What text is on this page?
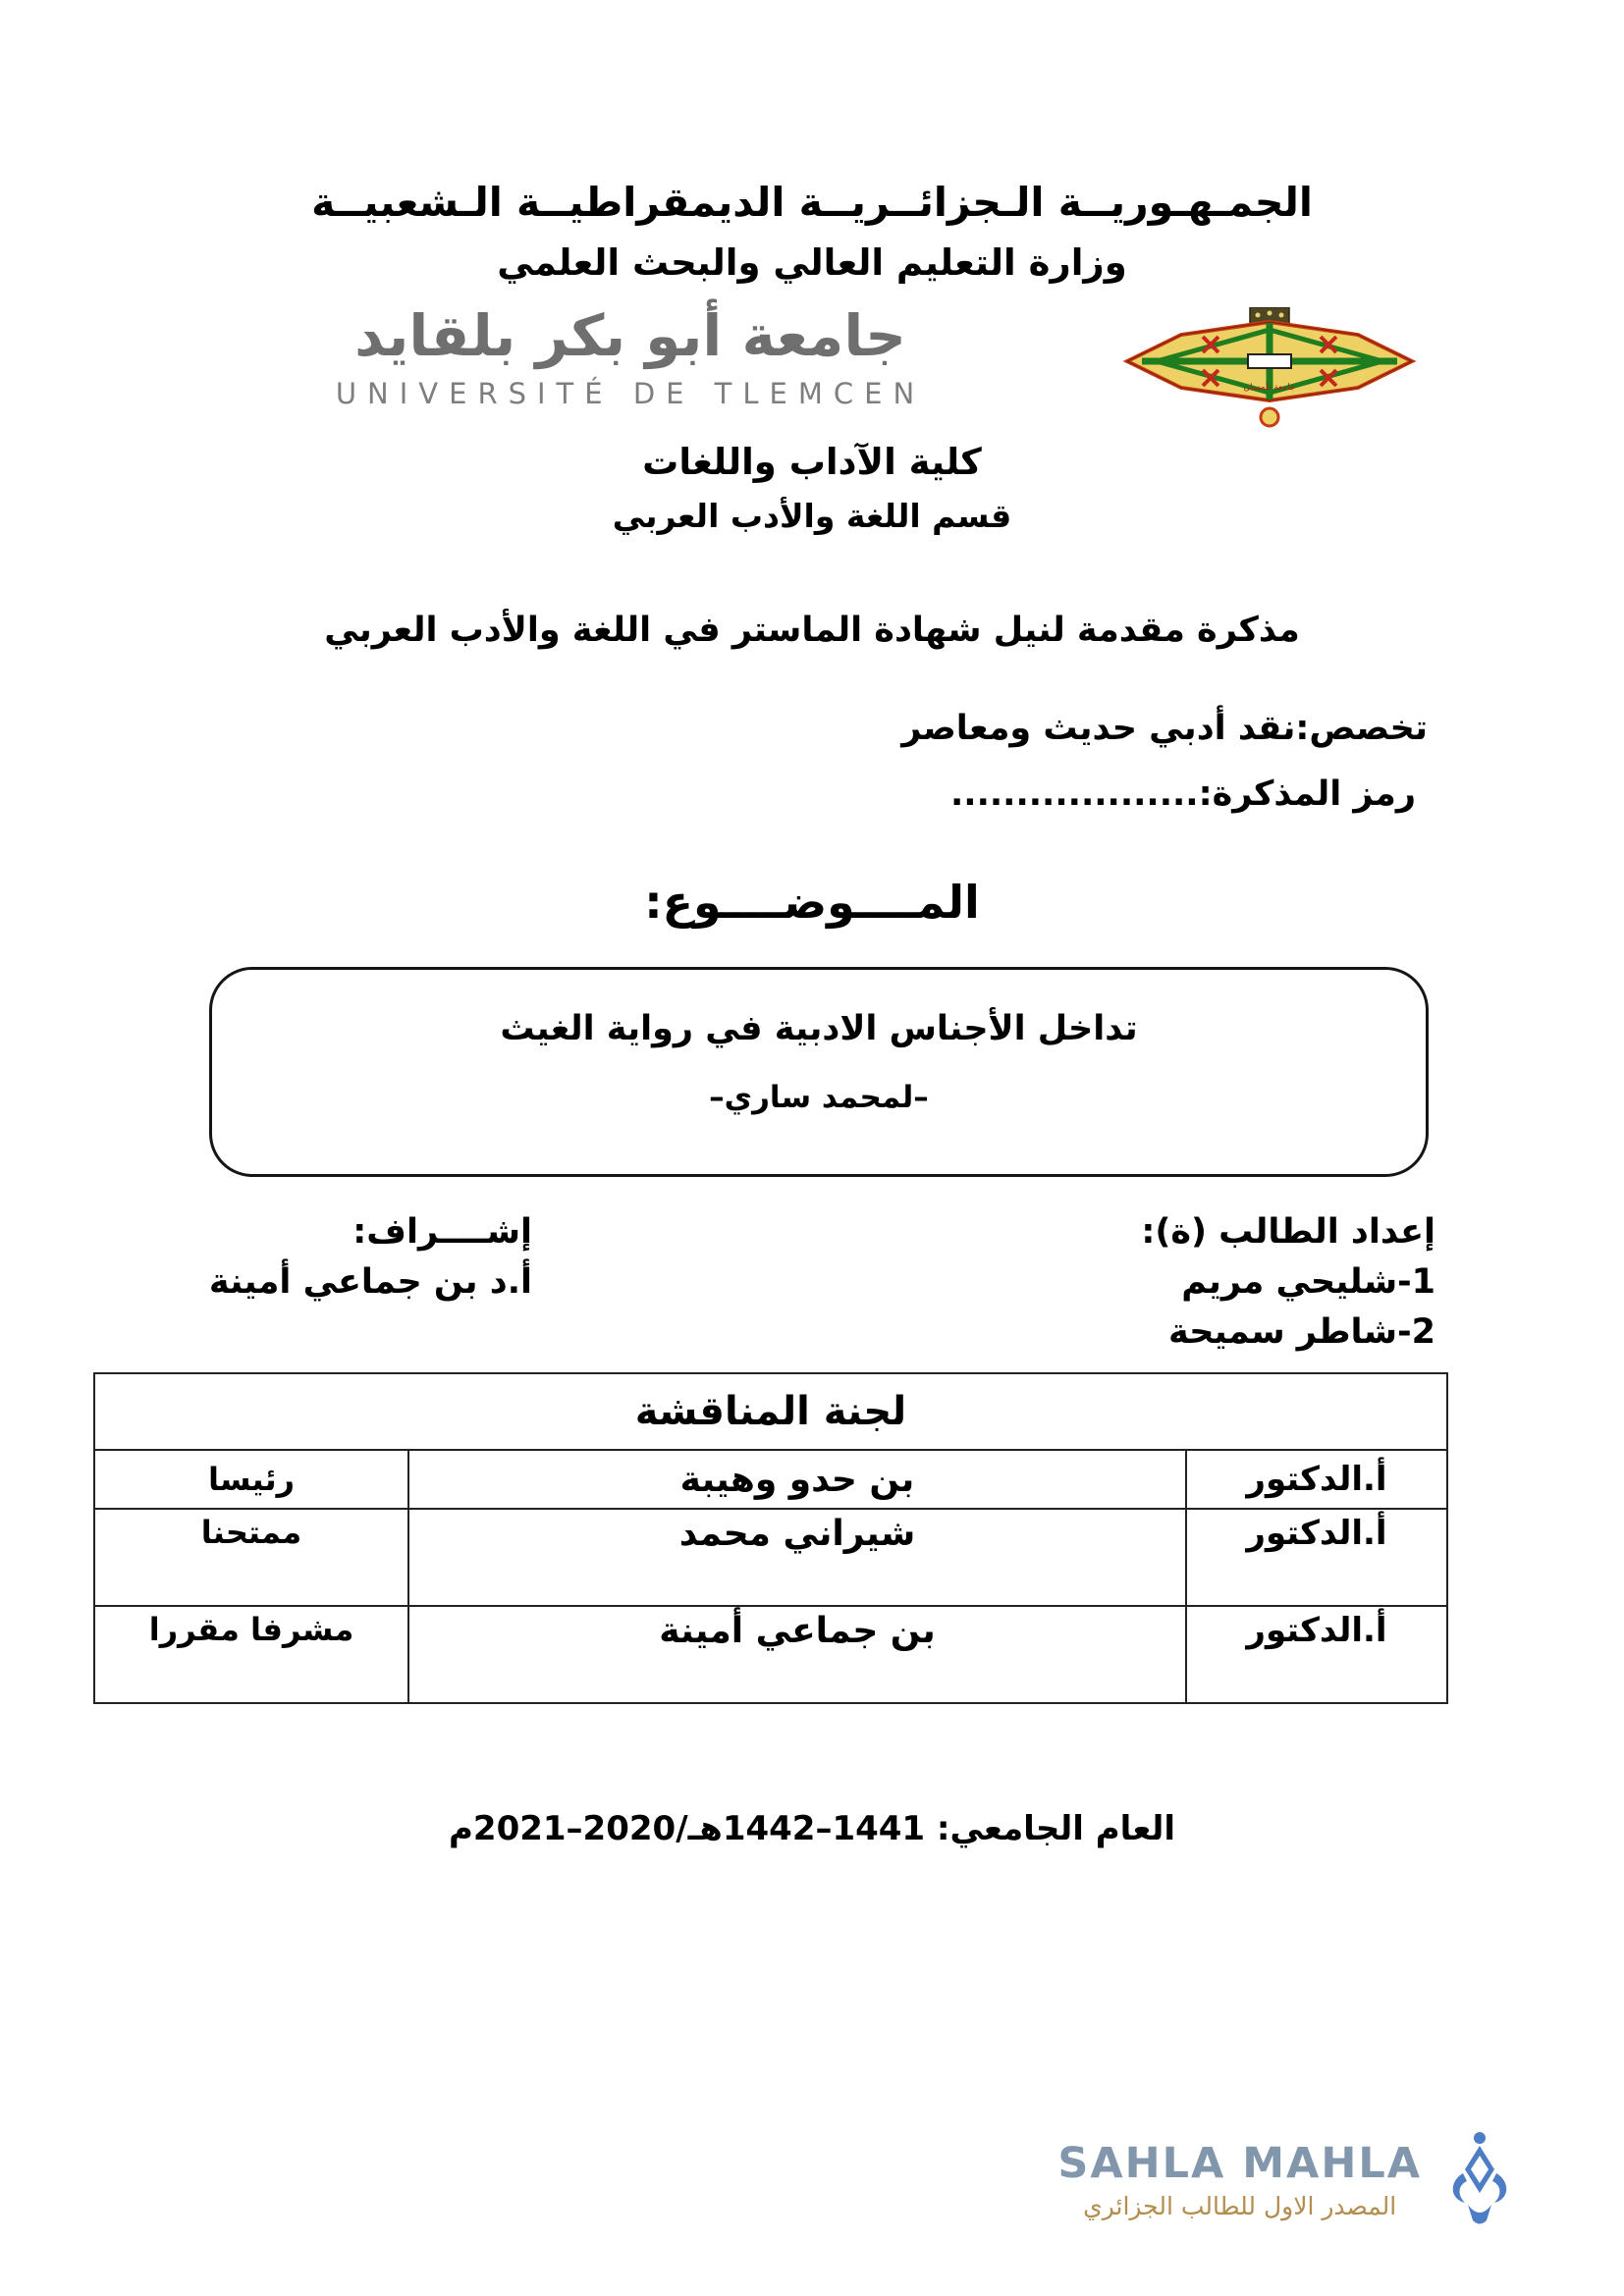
الجمـهـوريــة الـجزائــريــة الديمقراطيــة الـشعبيــة
وزارة التعليم العالي والبحث العلمي
جامعة أبو بكر بلقايد
UNIVERSITÉ DE TLEMCEN	جامعة تلمسان
كلية الآداب واللغات
قسم اللغة والأدب العربي
مذكرة مقدمة لنيل شهادة الماستر في اللغة والأدب العربي
تخصص:نقد أدبي حديث ومعاصر
رمز المذكرة:...................
المــــوضــــوع:
تداخل الأجناس الادبية في رواية الغيث
–لمحمد ساري–
إعداد الطالب (ة):
1-شليحي مريم
2-شاطر سميحة
إشــــراف:
أ.د بن جماعي أمينة
لجنة المناقشة		
أ.الدكتور	بن حدو وهيبة	رئيسا
أ.الدكتور	شيراني محمد	ممتحنا
أ.الدكتور	بن جماعي أمينة	مشرفا مقررا
العام الجامعي: 1441–1442هـ/2020–2021م
SAHLA MAHLA
المصدر الاول للطالب الجزائري
